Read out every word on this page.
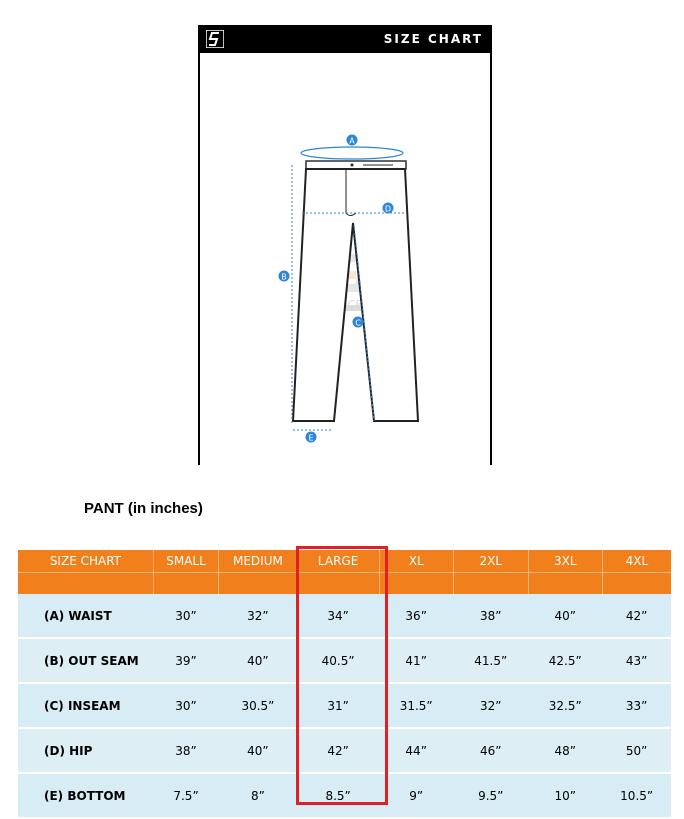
SIZE CHART
A
B
D
C
E
PANT (in inches)
SIZE CHART	SMALL	MEDIUM	LARGE	XL	2XL	3XL	4XL

(A) WAIST	30”	32”	34”	36”	38”	40”	42”
(B) OUT SEAM	39”	40”	40.5”	41”	41.5”	42.5”	43”
(C) INSEAM	30”	30.5”	31”	31.5”	32”	32.5”	33”
(D) HIP	38”	40”	42”	44”	46”	48”	50”
(E) BOTTOM	7.5”	8”	8.5”	9”	9.5”	10”	10.5”
